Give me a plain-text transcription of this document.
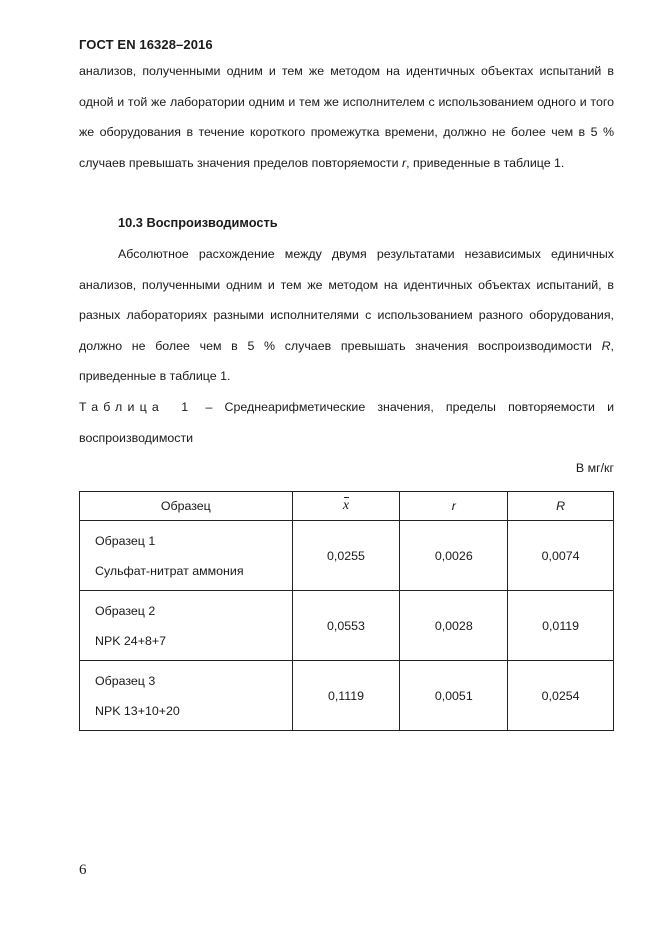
ГОСТ EN 16328–2016
анализов, полученными одним и тем же методом на идентичных объектах испытаний в одной и той же лаборатории одним и тем же исполнителем с использованием одного и того же оборудования в течение короткого промежутка времени, должно не более чем в 5 % случаев превышать значения пределов повторяемости r, приведенные в таблице 1.
10.3 Воспроизводимость
Абсолютное расхождение между двумя результатами независимых единичных анализов, полученными одним и тем же методом на идентичных объектах испытаний, в разных лабораториях разными исполнителями с использованием разного оборудования, должно не более чем в 5 % случаев превышать значения воспроизводимости R, приведенные в таблице 1.
Таблица 1 – Среднеарифметические значения, пределы повторяемости и воспроизводимости
В мг/кг
Образец	x	r	R

Образец 1
Сульфат-нитрат аммония	0,0255	0,0026	0,0074

Образец 2
NPK 24+8+7	0,0553	0,0028	0,0119

Образец 3
NPK 13+10+20	0,1119	0,0051	0,0254
6
